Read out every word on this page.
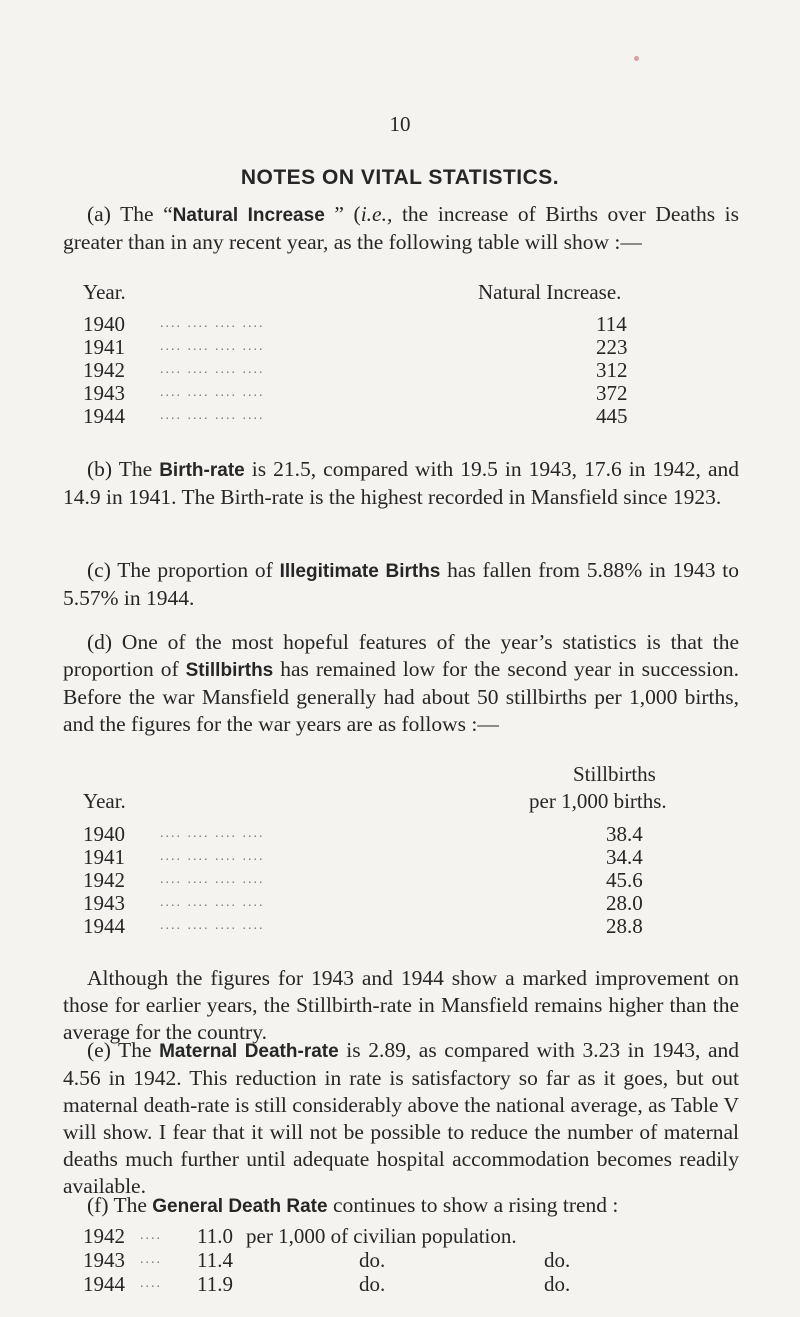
10
NOTES ON VITAL STATISTICS.

(a) The “Natural Increase ” (i.e., the increase of Births over Deaths is greater than in any recent year, as the following table will show :—

Year.	Natural Increase.
1940	.... .... .... ....	114
1941	.... .... .... ....	223
1942	.... .... .... ....	312
1943	.... .... .... ....	372
1944	.... .... .... ....	445

(b) The Birth-rate is 21.5, compared with 19.5 in 1943, 17.6 in 1942, and 14.9 in 1941. The Birth-rate is the highest recorded in Mansfield since 1923.

(c) The proportion of Illegitimate Births has fallen from 5.88% in 1943 to 5.57% in 1944.

(d) One of the most hopeful features of the year’s statistics is that the proportion of Stillbirths has remained low for the second year in succession. Before the war Mansfield generally had about 50 stillbirths per 1,000 births, and the figures for the war years are as follows :—

Stillbirths
Year.	per 1,000 births.
1940	.... .... .... ....	38.4
1941	.... .... .... ....	34.4
1942	.... .... .... ....	45.6
1943	.... .... .... ....	28.0
1944	.... .... .... ....	28.8

Although the figures for 1943 and 1944 show a marked improvement on those for earlier years, the Stillbirth-rate in Mansfield remains higher than the average for the country.

(e) The Maternal Death-rate is 2.89, as compared with 3.23 in 1943, and 4.56 in 1942. This reduction in rate is satisfactory so far as it goes, but out maternal death-rate is still considerably above the national average, as Table V will show. I fear that it will not be possible to reduce the number of maternal deaths much further until adequate hospital accommodation becomes readily available.

(f) The General Death Rate continues to show a rising trend :

1942 ....	11.0 per 1,000 of civilian population.
1943 ....	11.4	do.	do.
1944 ....	11.9	do.	do.
